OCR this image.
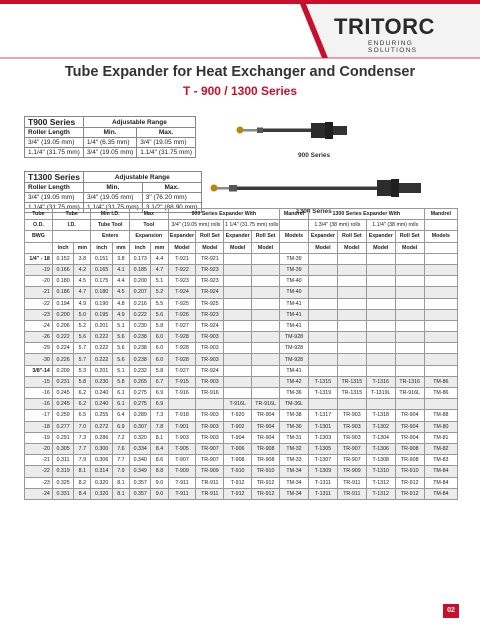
TRITORC
ENDURING SOLUTIONS
Tube Expander for Heat Exchanger and Condenser
T - 900 / 1300 Series
T900 Series	Adjustable Range	
Roller Length	Min.	Max.
3/4" (19.05 mm)	1/4" (6.35 mm)	3/4" (19.05 mm)
1.1/4" (31.75 mm)	3/4" (19.05 mm)	1.1/4" (31.75 mm)
T1300 Series	Adjustable Range	
Roller Length	Min.	Max.
3/4" (19.05 mm)	3/4" (19.05 mm)	3" (76.20 mm)
1.1/4" (31.75 mm)	1.1/4" (31.75 mm)	3.1/2" (88.90 mm)
900 Series
1300 Series
Tube	Tube		Min I.D.		Max		900 Series Expander With				Mandrel	1300 Series Expander With				Mandrel
O.D.	I.D.		Tube Tool		Tool		3/4" (19.05 mm) rolls		1 1/4" (31.75 mm) rolls			1.3/4" (38 mm) rolls		1.1/4" (38 mm) rolls		
BWG			Enters		Expansion		Expander	Roll Set	Expander	Roll Set	Models	Expander	Roll Set	Expander	Roll Set	Models
	inch	mm	inch	mm	inch	mm	Model	Model	Model	Model		Model	Model	Model	Model	
1/4" - 18	0.152	3.8	0.151	3.8	0.173	4.4	T-921	TR-921			TM-39					
-19	0.166	4.2	0.165	4.1	0.185	4.7	T-922	TR-923			TM-39					
-20	0.180	4.5	0.175	4.4	0.200	5.1	T-923	TR-923			TM-40					
-21	0.186	4.7	0.180	4.5	0.207	5.2	T-924	TR-924			TM-40					
-22	0.194	4.9	0.190	4.8	0.216	5.5	T-925	TR-925			TM-41					
-23	0.200	5.0	0.195	4.9	0.222	5.6	T-926	TR-923			TM-41					
-24	0.206	5.2	0.201	5.1	0.230	5.8	T-927	TR-924			TM-41					
-26	0.222	5.6	0.222	5.6	0.238	6.0	T-928	TR-903			TM-928					
-29	0.224	5.7	0.222	5.6	0.238	6.0	T-928	TR-903			TM-928					
-30	0.226	5.7	0.222	5.6	0.238	6.0	T-928	TR-903			TM-928					
3/8"-14	0.209	5.3	0.201	5.1	0.232	5.8	T-927	TR-924			TM-41					
-15	0.231	5.8	0.230	5.8	0.265	6.7	T-915	TR-903			TM-42	T-1315	TR-1315	T-1316	TR-1316	TM-86
-16	0.245	6.2	0.240	6.1	0.275	6.9	T-916	TR-916			TM-36	T-1319	TR-1315	T-1319L	TR-916L	TM-86
-16	0.245	6.2	0.240	6.1	0.275	6.9			T-916L	TR-916L	TM-36L					
-17	0.259	6.5	0.255	6.4	0.289	7.3	T-918	TR-903	T-920	TR-904	TM-38	T-1317	TR-903	T-1318	TR-904	TM-88
-18	0.277	7.0	0.272	6.9	0.307	7.8	T-901	TR-903	T-902	TR-904	TM-30	T-1301	TR-903	T-1302	TR-904	TM-80
-19	0.291	7.3	0.286	7.2	0.320	8.1	T-903	TR-903	T-904	TR-904	TM-31	T-1303	TR-903	T-1304	TR-904	TM-81
-20	0.305	7.7	0.300	7.6	0.334	8.4	T-905	TR-907	T-906	TR-908	TM-32	T-1305	TR-907	T-1306	TR-908	TM-82
-21	0.311	7.9	0.306	7.7	0.340	8.6	T-907	TR-907	T-908	TR-908	TM-33	T-1307	TR-907	T-1308	TR-908	TM-83
-22	0.319	8.1	0.314	7.9	0.349	8.8	T-909	TR-909	T-910	TR-910	TM-34	T-1309	TR-909	T-1310	TR-910	TM-84
-23	0.325	8.2	0.320	8.1	0.357	9.0	T-911	TR-911	T-912	TR-912	TM-34	T-1311	TR-911	T-1312	TR-912	TM-84
-24	0.331	8.4	0.320	8.1	0.357	9.0	T-911	TR-911	T-912	TR-912	TM-34	T-1311	TR-911	T-1312	TR-912	TM-84
02
